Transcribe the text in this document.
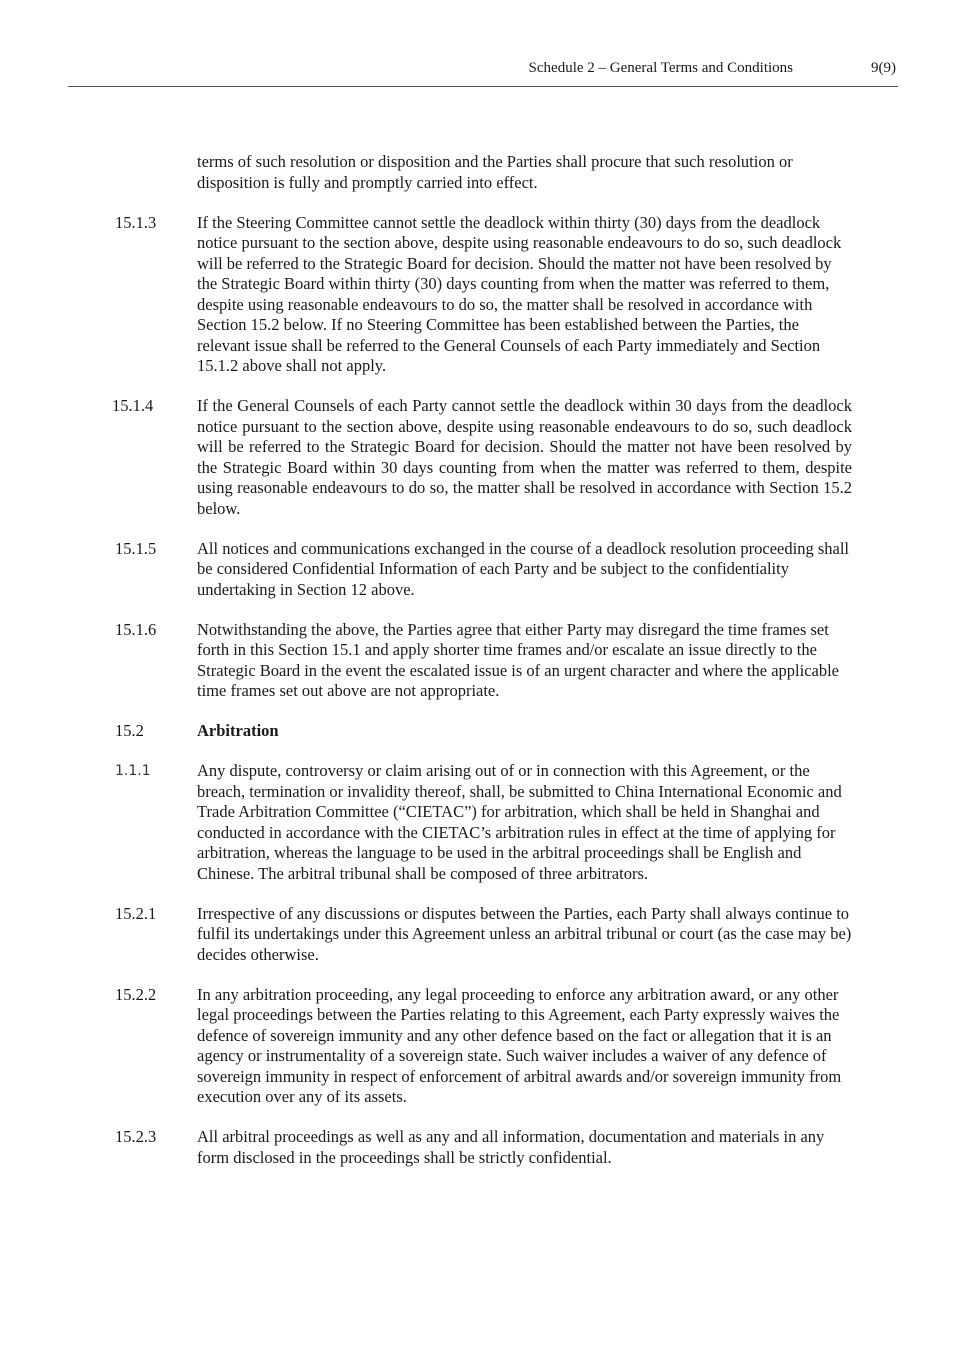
Schedule 2 – General Terms and Conditions	9(9)
terms of such resolution or disposition and the Parties shall procure that such resolution or disposition is fully and promptly carried into effect.
15.1.3 If the Steering Committee cannot settle the deadlock within thirty (30) days from the deadlock notice pursuant to the section above, despite using reasonable endeavours to do so, such deadlock will be referred to the Strategic Board for decision. Should the matter not have been resolved by the Strategic Board within thirty (30) days counting from when the matter was referred to them, despite using reasonable endeavours to do so, the matter shall be resolved in accordance with Section 15.2 below. If no Steering Committee has been established between the Parties, the relevant issue shall be referred to the General Counsels of each Party immediately and Section 15.1.2 above shall not apply.
15.1.4	If the General Counsels of each Party cannot settle the deadlock within 30 days from the deadlock notice pursuant to the section above, despite using reasonable endeavours to do so, such deadlock will be referred to the Strategic Board for decision. Should the matter not have been resolved by the Strategic Board within 30 days counting from when the matter was referred to them, despite using reasonable endeavours to do so, the matter shall be resolved in accordance with Section 15.2 below.
15.1.5 All notices and communications exchanged in the course of a deadlock resolution proceeding shall be considered Confidential Information of each Party and be subject to the confidentiality undertaking in Section 12 above.
15.1.6 Notwithstanding the above, the Parties agree that either Party may disregard the time frames set forth in this Section 15.1 and apply shorter time frames and/or escalate an issue directly to the Strategic Board in the event the escalated issue is of an urgent character and where the applicable time frames set out above are not appropriate.
15.2	Arbitration
1.1.1	Any dispute, controversy or claim arising out of or in connection with this Agreement, or the breach, termination or invalidity thereof, shall, be submitted to China International Economic and Trade Arbitration Committee (“CIETAC”) for arbitration, which shall be held in Shanghai and conducted in accordance with the CIETAC’s arbitration rules in effect at the time of applying for arbitration, whereas the language to be used in the arbitral proceedings shall be English and Chinese. The arbitral tribunal shall be composed of three arbitrators.
15.2.1 Irrespective of any discussions or disputes between the Parties, each Party shall always continue to fulfil its undertakings under this Agreement unless an arbitral tribunal or court (as the case may be) decides otherwise.
15.2.2 In any arbitration proceeding, any legal proceeding to enforce any arbitration award, or any other legal proceedings between the Parties relating to this Agreement, each Party expressly waives the defence of sovereign immunity and any other defence based on the fact or allegation that it is an agency or instrumentality of a sovereign state. Such waiver includes a waiver of any defence of sovereign immunity in respect of enforcement of arbitral awards and/or sovereign immunity from execution over any of its assets.
15.2.3 All arbitral proceedings as well as any and all information, documentation and materials in any form disclosed in the proceedings shall be strictly confidential.
